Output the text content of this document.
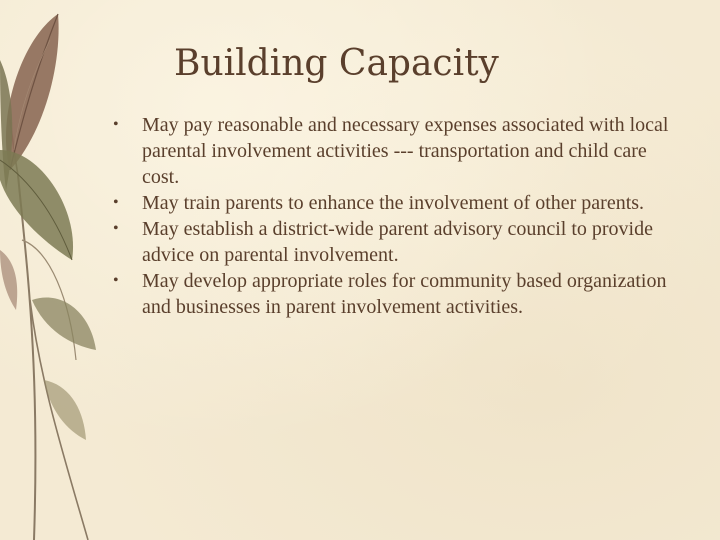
Building Capacity
• May pay reasonable and necessary expenses associated with local parental involvement activities --- transportation and child care cost.
• May train parents to enhance the involvement of other parents.
• May establish a district-wide parent advisory council to provide advice on parental involvement.
• May develop appropriate roles for community based organization and businesses in parent involvement activities.
